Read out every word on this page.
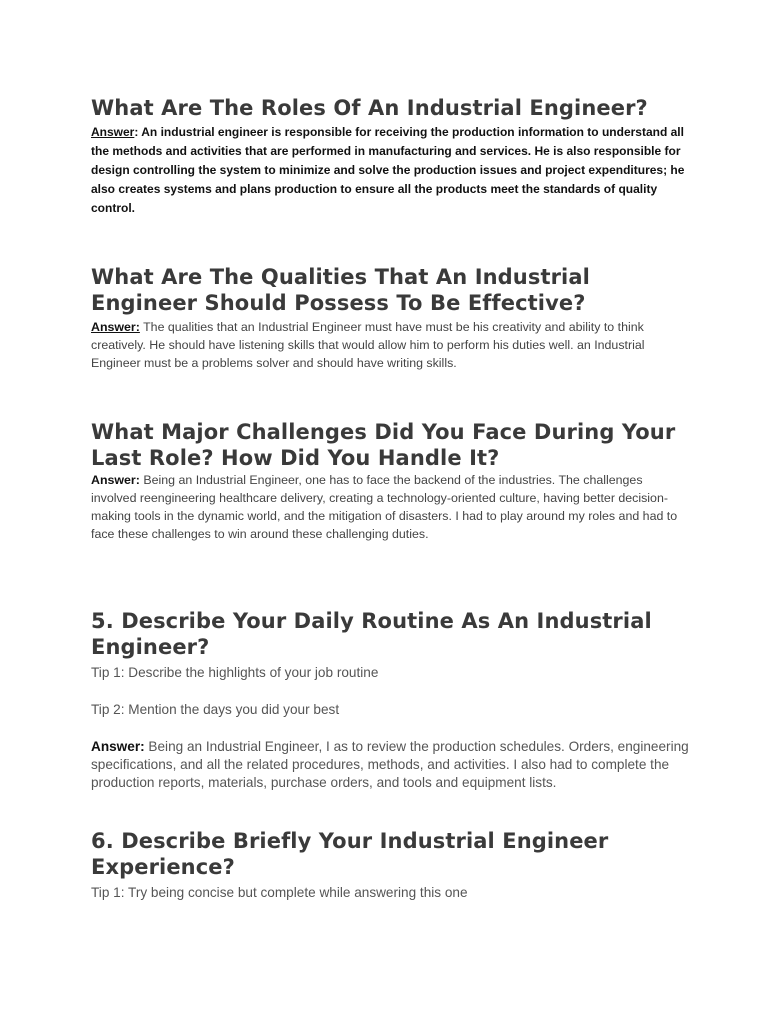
What Are The Roles Of An Industrial Engineer?

Answer: An industrial engineer is responsible for receiving the production information to understand all the methods and activities that are performed in manufacturing and services. He is also responsible for design controlling the system to minimize and solve the production issues and project expenditures; he also creates systems and plans production to ensure all the products meet the standards of quality control.

What Are The Qualities That An Industrial Engineer Should Possess To Be Effective?

Answer: The qualities that an Industrial Engineer must have must be his creativity and ability to think creatively. He should have listening skills that would allow him to perform his duties well. an Industrial Engineer must be a problems solver and should have writing skills.

What Major Challenges Did You Face During Your Last Role? How Did You Handle It?

Answer: Being an Industrial Engineer, one has to face the backend of the industries. The challenges involved reengineering healthcare delivery, creating a technology-oriented culture, having better decision-making tools in the dynamic world, and the mitigation of disasters. I had to play around my roles and had to face these challenges to win around these challenging duties.

5. Describe Your Daily Routine As An Industrial Engineer?

Tip 1: Describe the highlights of your job routine

Tip 2: Mention the days you did your best

Answer: Being an Industrial Engineer, I as to review the production schedules. Orders, engineering specifications, and all the related procedures, methods, and activities. I also had to complete the production reports, materials, purchase orders, and tools and equipment lists.

6. Describe Briefly Your Industrial Engineer Experience?

Tip 1: Try being concise but complete while answering this one
